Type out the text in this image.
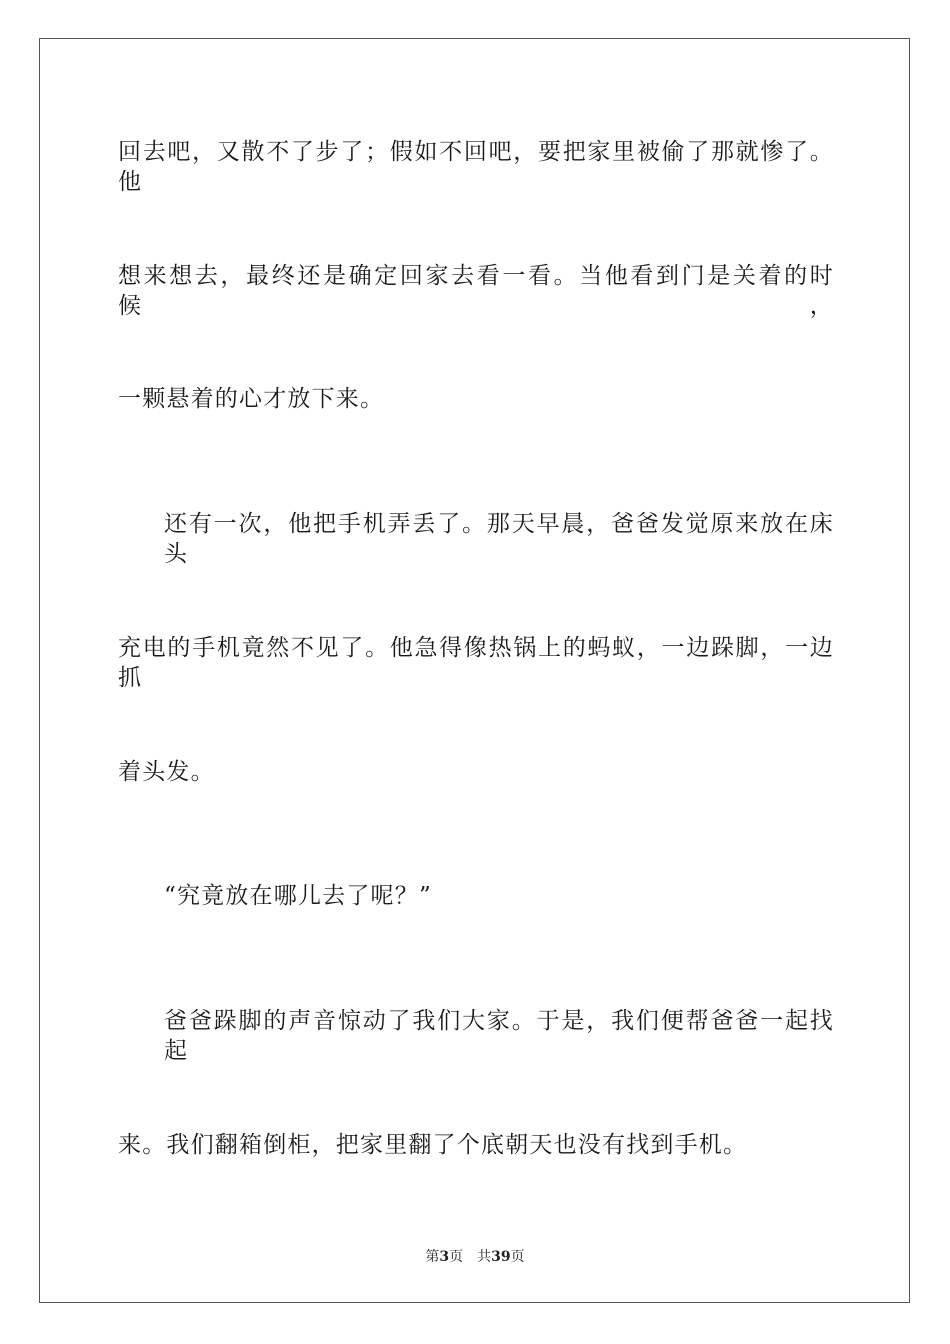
回去吧，又散不了步了；假如不回吧，要把家里被偷了那就惨了。他
想来想去，最终还是确定回家去看一看。当他看到门是关着的时候，
一颗悬着的心才放下来。
还有一次，他把手机弄丢了。那天早晨，爸爸发觉原来放在床头
充电的手机竟然不见了。他急得像热锅上的蚂蚁，一边跺脚，一边抓
着头发。
“究竟放在哪儿去了呢？”
爸爸跺脚的声音惊动了我们大家。于是，我们便帮爸爸一起找起
来。我们翻箱倒柜，把家里翻了个底朝天也没有找到手机。
第3页 共39页
